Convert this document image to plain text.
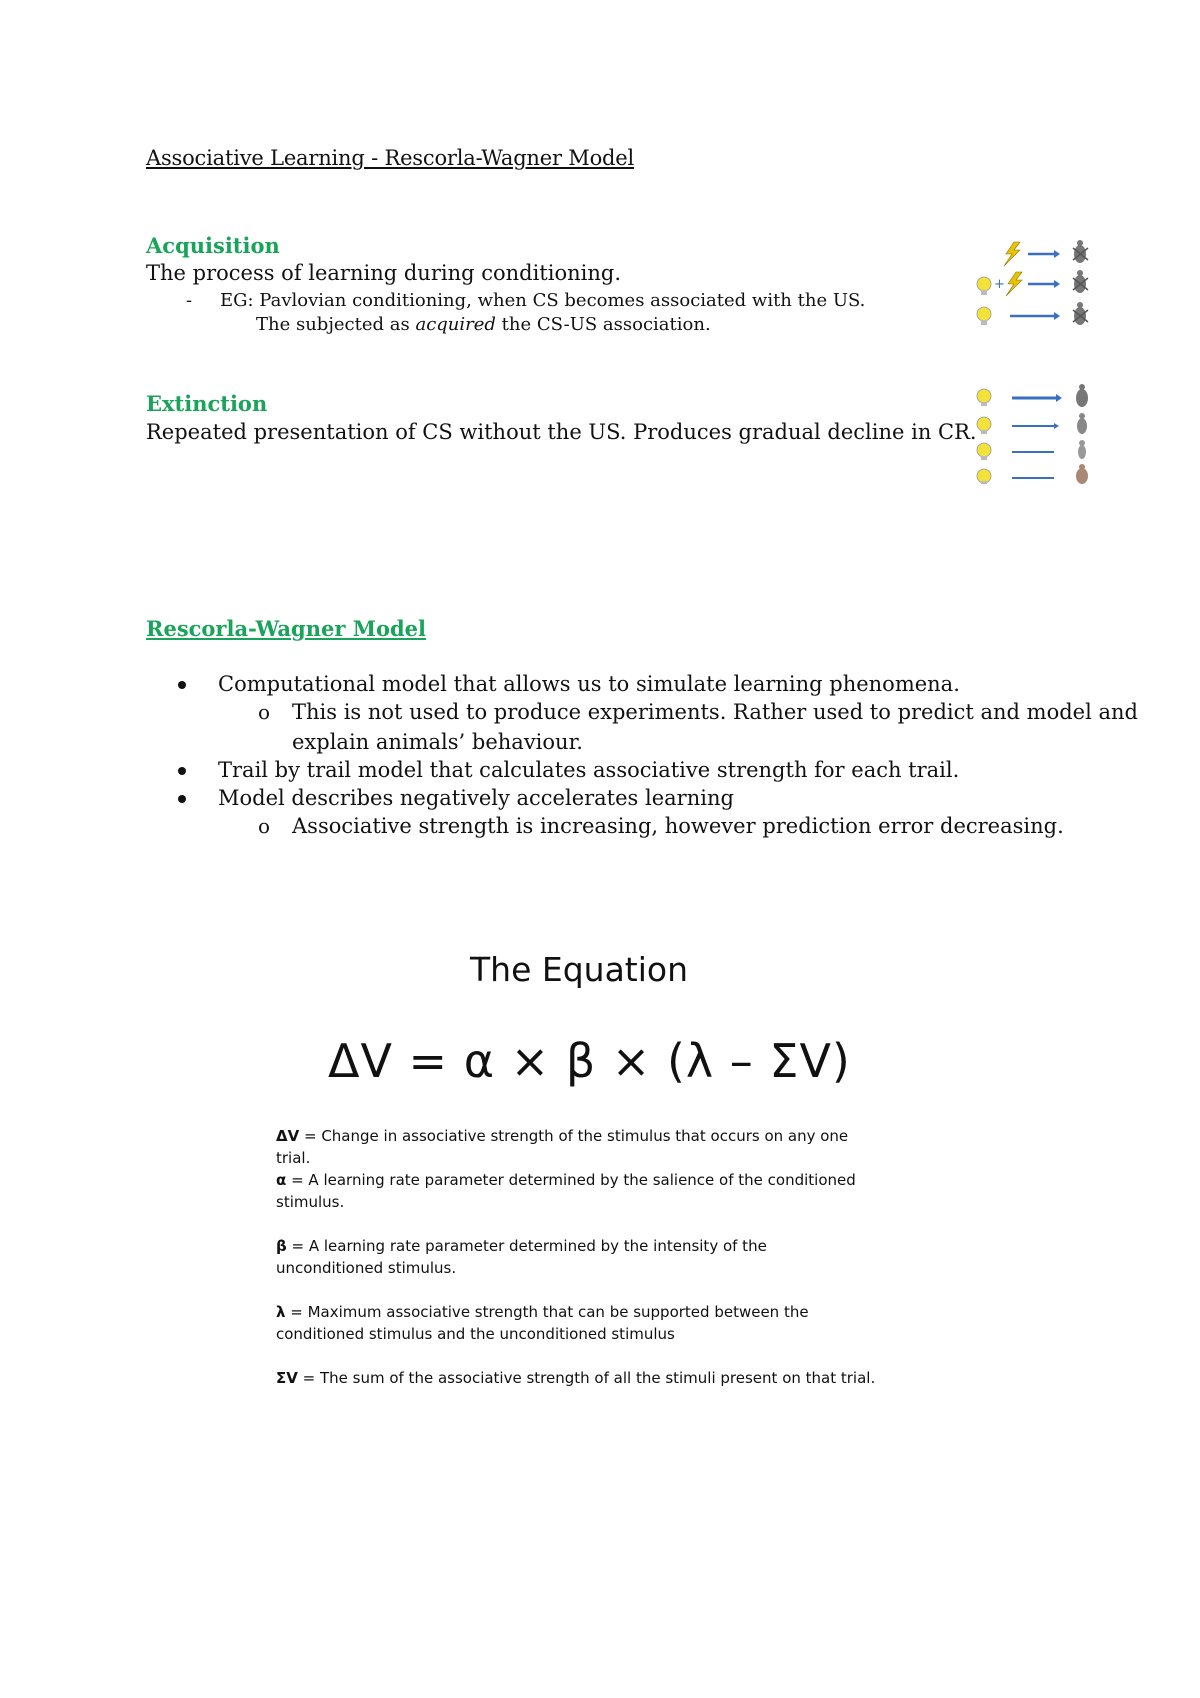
Associative Learning - Rescorla-Wagner Model
Acquisition
The process of learning during conditioning.
- EG: Pavlovian conditioning, when CS becomes associated with the US.
The subjected as acquired the CS-US association.
+
Extinction
Repeated presentation of CS without the US. Produces gradual decline in CR.
Rescorla-Wagner Model
Computational model that allows us to simulate learning phenomena.
o This is not used to produce experiments. Rather used to predict and model and
explain animals’ behaviour.
Trail by trail model that calculates associative strength for each trail.
Model describes negatively accelerates learning
o Associative strength is increasing, however prediction error decreasing.
The Equation
ΔV = α × β × (λ – ΣV)
ΔV = Change in associative strength of the stimulus that occurs on any one trial.
α = A learning rate parameter determined by the salience of the conditioned stimulus.
β = A learning rate parameter determined by the intensity of the unconditioned stimulus.
λ = Maximum associative strength that can be supported between the conditioned stimulus and the unconditioned stimulus
ΣV = The sum of the associative strength of all the stimuli present on that trial.
